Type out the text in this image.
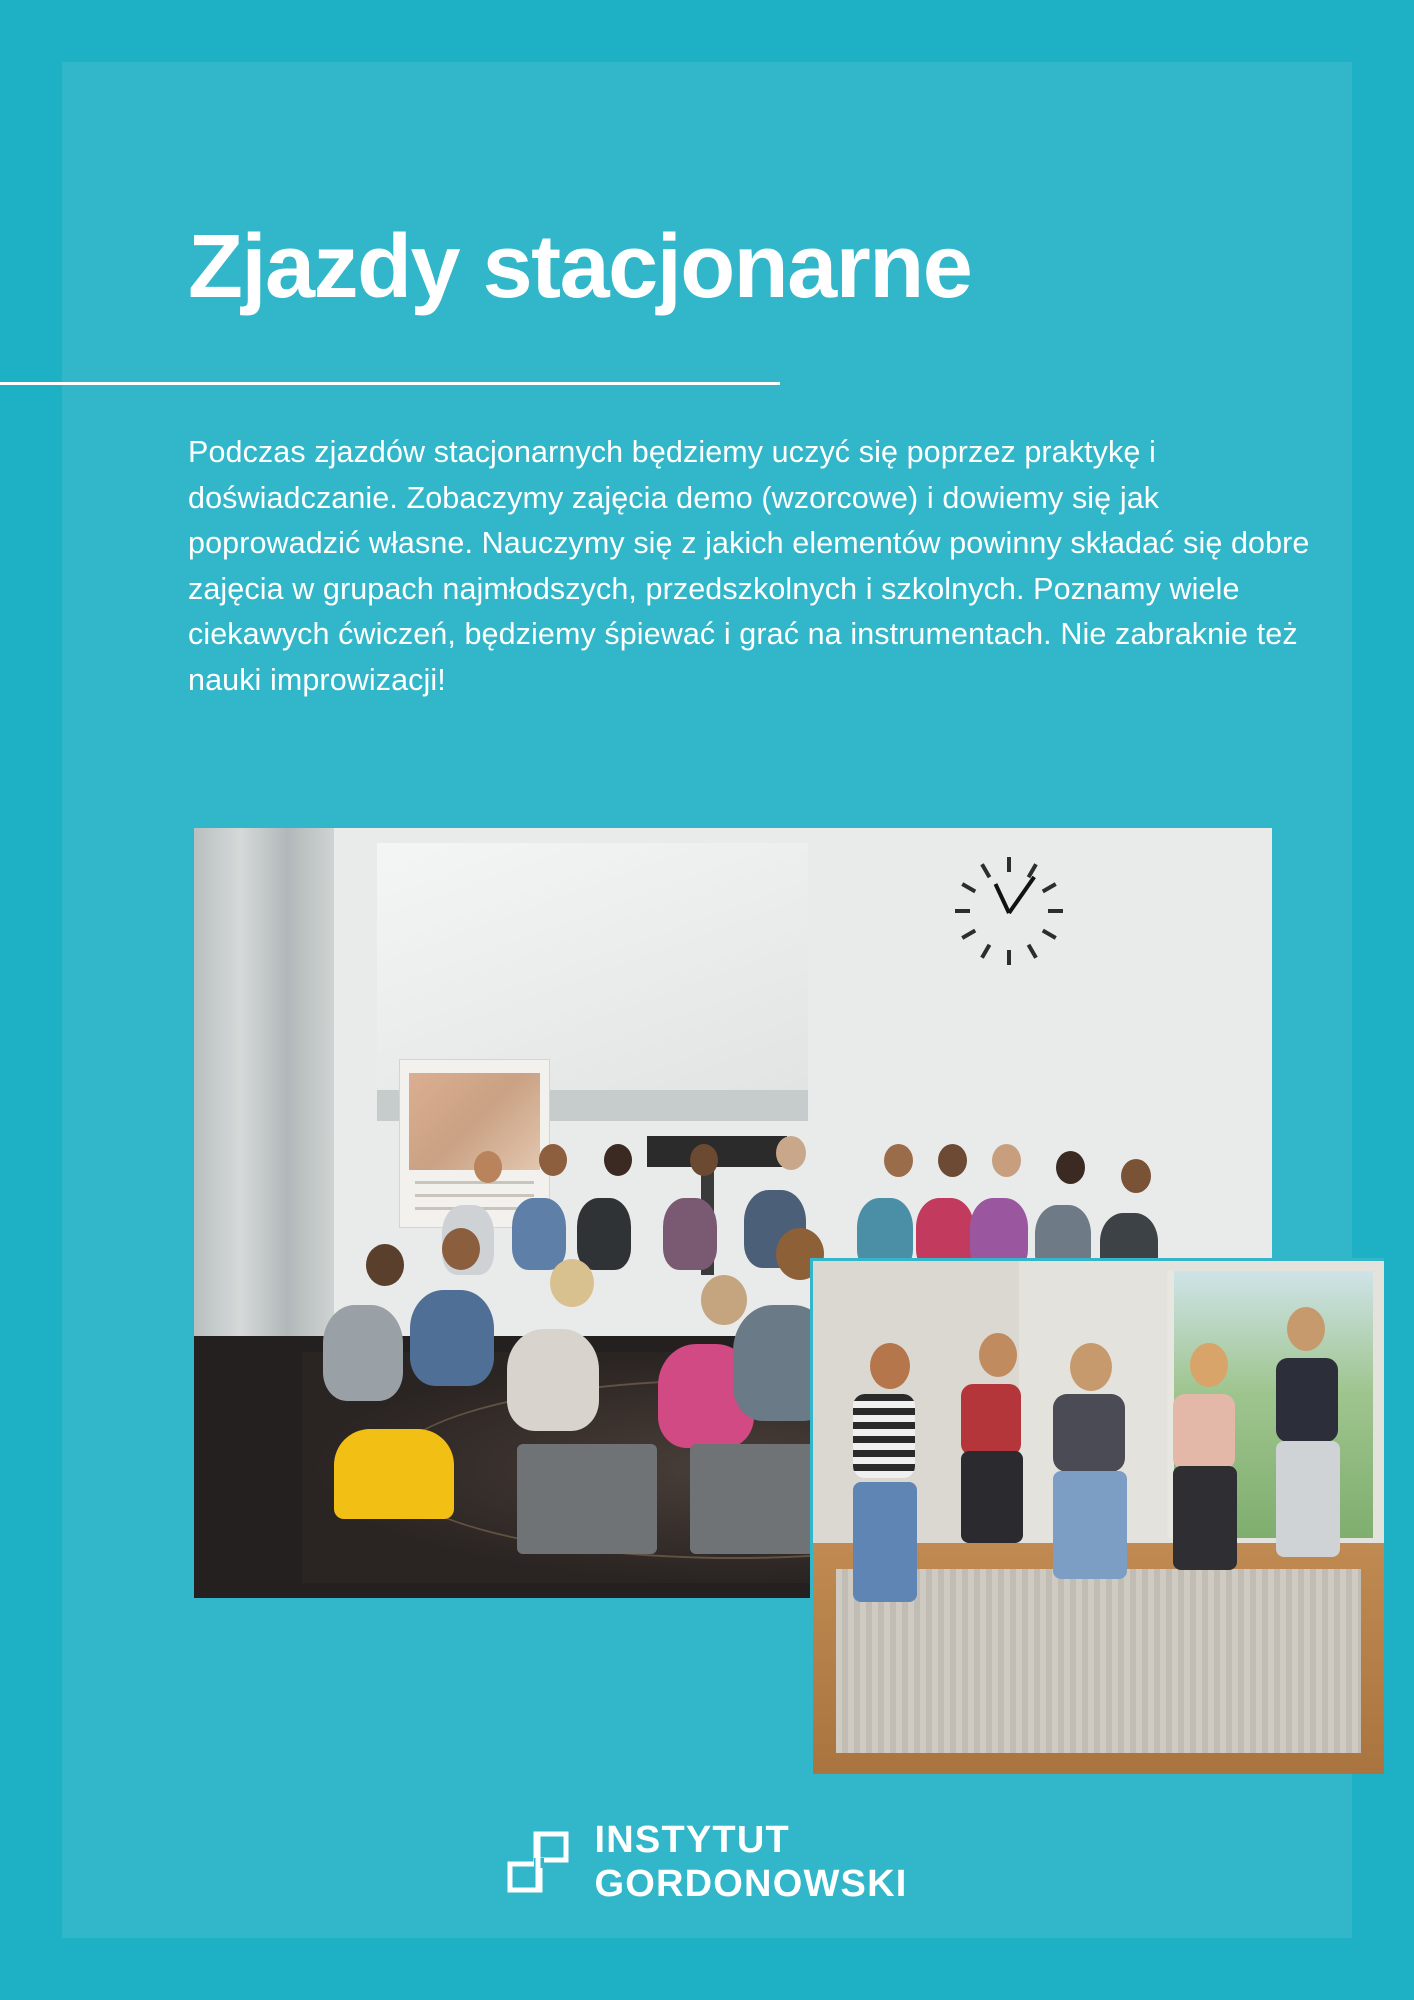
Zjazdy stacjonarne

Podczas zjazdów stacjonarnych będziemy uczyć się poprzez praktykę i doświadczanie. Zobaczymy zajęcia demo (wzorcowe) i dowiemy się jak poprowadzić własne. Nauczymy się z jakich elementów powinny składać się dobre zajęcia w grupach najmłodszych, przedszkolnych i szkolnych. Poznamy wiele ciekawych ćwiczeń, będziemy śpiewać i grać na instrumentach. Nie zabraknie też nauki improwizacji!

INSTYTUT
GORDONOWSKI
